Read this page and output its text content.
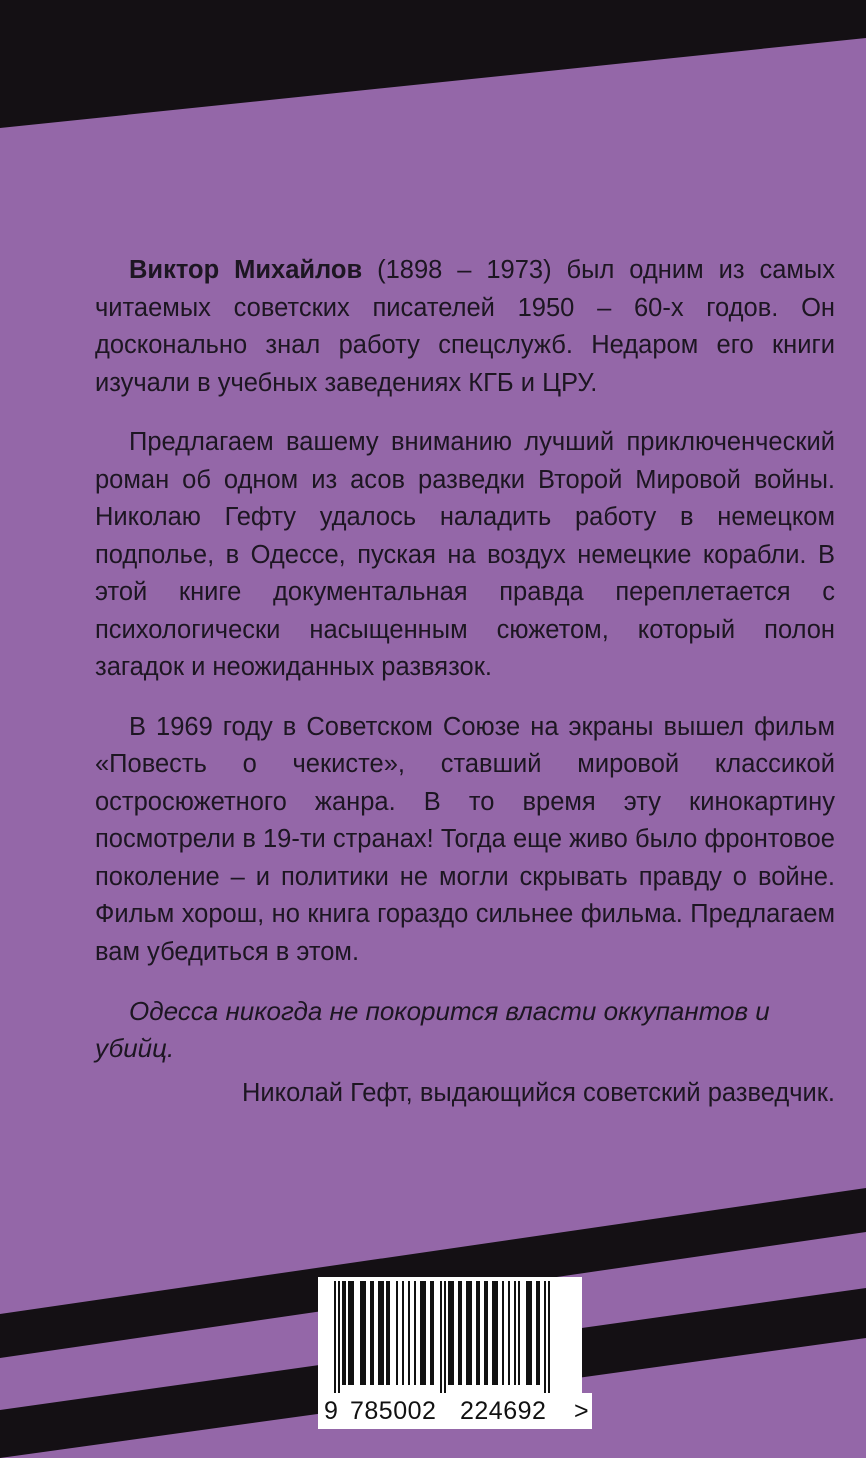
Виктор Михайлов (1898 – 1973) был одним из самых читаемых советских писателей 1950 – 60-х годов. Он досконально знал работу спецслужб. Недаром его книги изучали в учебных заведениях КГБ и ЦРУ.

Предлагаем вашему вниманию лучший приключенческий роман об одном из асов разведки Второй Мировой войны. Николаю Гефту удалось наладить работу в немецком подполье, в Одессе, пуская на воздух немецкие корабли. В этой книге документальная правда переплетается с психологически насыщенным сюжетом, который полон загадок и неожиданных развязок.

В 1969 году в Советском Союзе на экраны вышел фильм «Повесть о чекисте», ставший мировой классикой остросюжетного жанра. В то время эту кинокартину посмотрели в 19-ти странах! Тогда еще живо было фронтовое поколение – и политики не могли скрывать правду о войне. Фильм хорош, но книга гораздо сильнее фильма. Предлагаем вам убедиться в этом.

Одесса никогда не покорится власти оккупантов и убийц.

Николай Гефт, выдающийся советский разведчик.
9 785002 224692 >
